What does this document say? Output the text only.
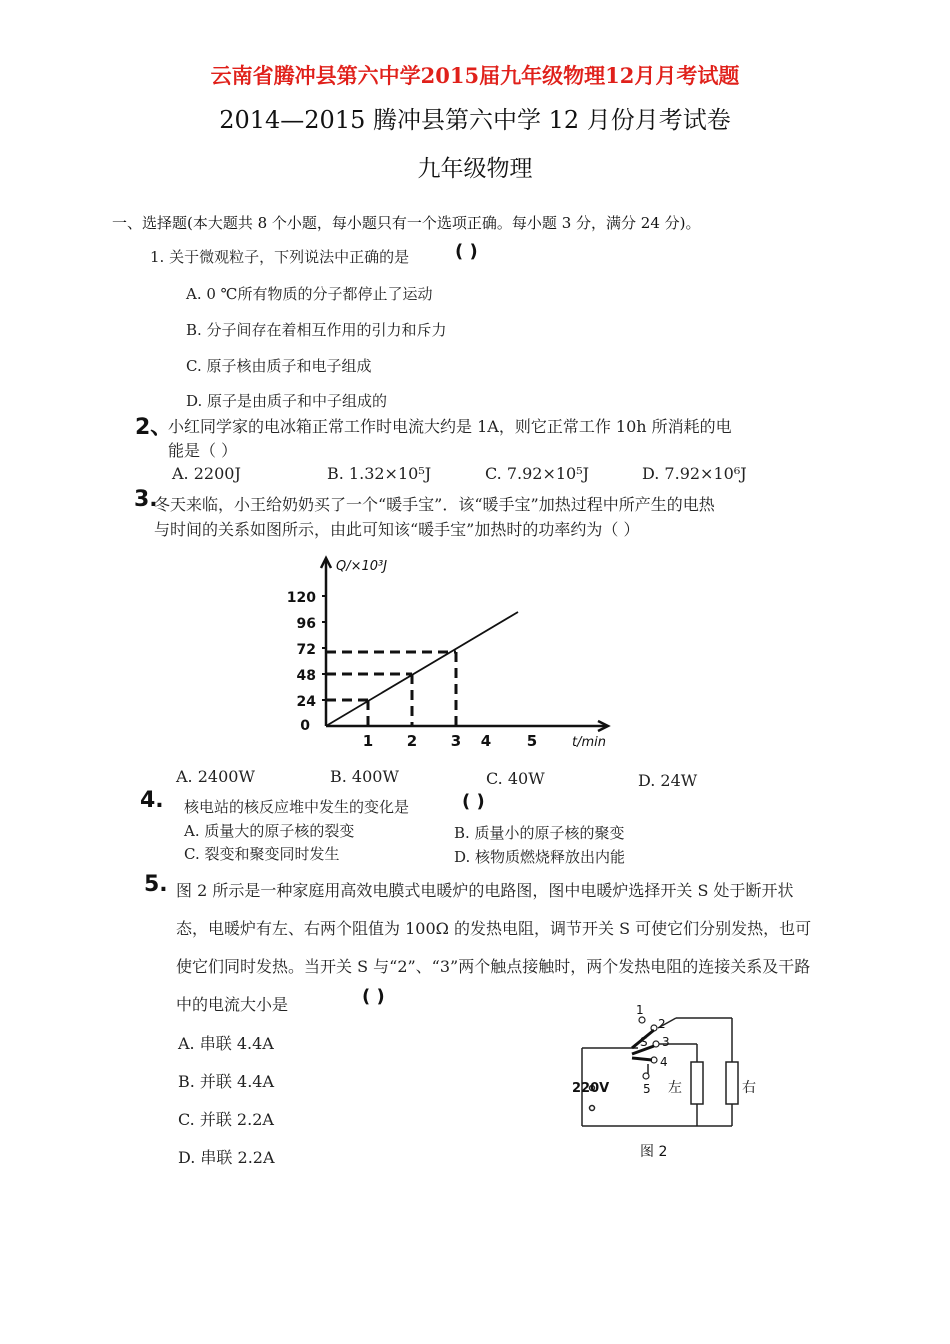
云南省腾冲县第六中学2015届九年级物理12月月考试题
2014—2015 腾冲县第六中学 12 月份月考试卷
九年级物理
一、选择题(本大题共 8 个小题，每小题只有一个选项正确。每小题 3 分，满分 24 分)。
1. 关于微观粒子，下列说法中正确的是	( )
A. 0 ℃所有物质的分子都停止了运动
B. 分子间存在着相互作用的引力和斥力
C. 原子核由质子和电子组成
D. 原子是由质子和中子组成的
2、
小红同学家的电冰箱正常工作时电流大约是 1A，则它正常工作 10h 所消耗的电
能是（ ）
A. 2200J	B. 1.32×10⁵J	C. 7.92×10⁵J	D. 7.92×10⁶J
3.
冬天来临，小王给奶奶买了一个“暖手宝”．该“暖手宝”加热过程中所产生的电热
与时间的关系如图所示，由此可知该“暖手宝”加热时的功率约为（ ）
Q/×10³J
t/min
120
96
72
48
24
0
1 2 3 4 5
A. 2400W	B. 400W	C. 40W	D. 24W
4. 核电站的核反应堆中发生的变化是	( )
A. 质量大的原子核的裂变	B. 质量小的原子核的聚变
C. 裂变和聚变同时发生	D. 核物质燃烧释放出内能
5. 图 2 所示是一种家庭用高效电膜式电暖炉的电路图，图中电暖炉选择开关 S 处于断开状
态，电暖炉有左、右两个阻值为 100Ω 的发热电阻，调节开关 S 可使它们分别发热，也可
使它们同时发热。当开关 S 与“2”、“3”两个触点接触时，两个发热电阻的连接关系及干路
中的电流大小是	( )
A. 串联 4.4A
B. 并联 4.4A
C. 并联 2.2A
D. 串联 2.2A
1
2
3
4
5
S
220V	左	右
图 2
